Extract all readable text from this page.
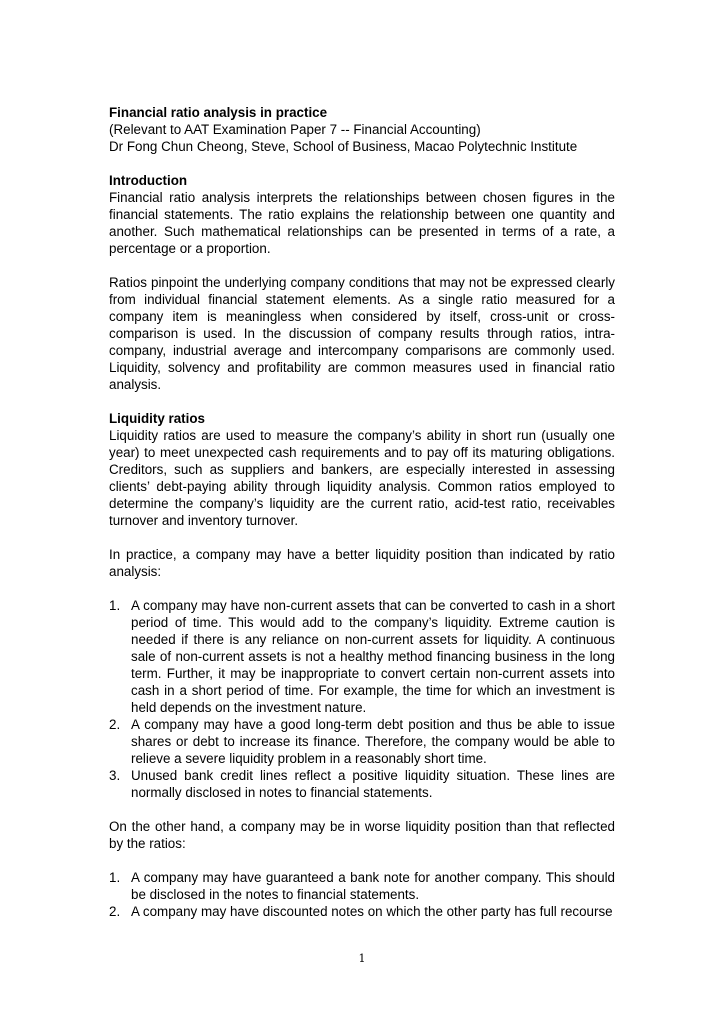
Financial ratio analysis in practice

(Relevant to AAT Examination Paper 7 -- Financial Accounting)

Dr Fong Chun Cheong, Steve, School of Business, Macao Polytechnic Institute

Introduction

Financial ratio analysis interprets the relationships between chosen figures in the financial statements. The ratio explains the relationship between one quantity and another. Such mathematical relationships can be presented in terms of a rate, a percentage or a proportion.

Ratios pinpoint the underlying company conditions that may not be expressed clearly from individual financial statement elements. As a single ratio measured for a company item is meaningless when considered by itself, cross-unit or cross-comparison is used. In the discussion of company results through ratios, intra-company, industrial average and intercompany comparisons are commonly used. Liquidity, solvency and profitability are common measures used in financial ratio analysis.

Liquidity ratios

Liquidity ratios are used to measure the company’s ability in short run (usually one year) to meet unexpected cash requirements and to pay off its maturing obligations. Creditors, such as suppliers and bankers, are especially interested in assessing clients’ debt-paying ability through liquidity analysis. Common ratios employed to determine the company’s liquidity are the current ratio, acid-test ratio, receivables turnover and inventory turnover.

In practice, a company may have a better liquidity position than indicated by ratio analysis:

1. A company may have non-current assets that can be converted to cash in a short period of time. This would add to the company’s liquidity. Extreme caution is needed if there is any reliance on non-current assets for liquidity. A continuous sale of non-current assets is not a healthy method financing business in the long term. Further, it may be inappropriate to convert certain non-current assets into cash in a short period of time. For example, the time for which an investment is held depends on the investment nature.
2. A company may have a good long-term debt position and thus be able to issue shares or debt to increase its finance. Therefore, the company would be able to relieve a severe liquidity problem in a reasonably short time.
3. Unused bank credit lines reflect a positive liquidity situation. These lines are normally disclosed in notes to financial statements.

On the other hand, a company may be in worse liquidity position than that reflected by the ratios:

1. A company may have guaranteed a bank note for another company. This should be disclosed in the notes to financial statements.
2. A company may have discounted notes on which the other party has full recourse
1
